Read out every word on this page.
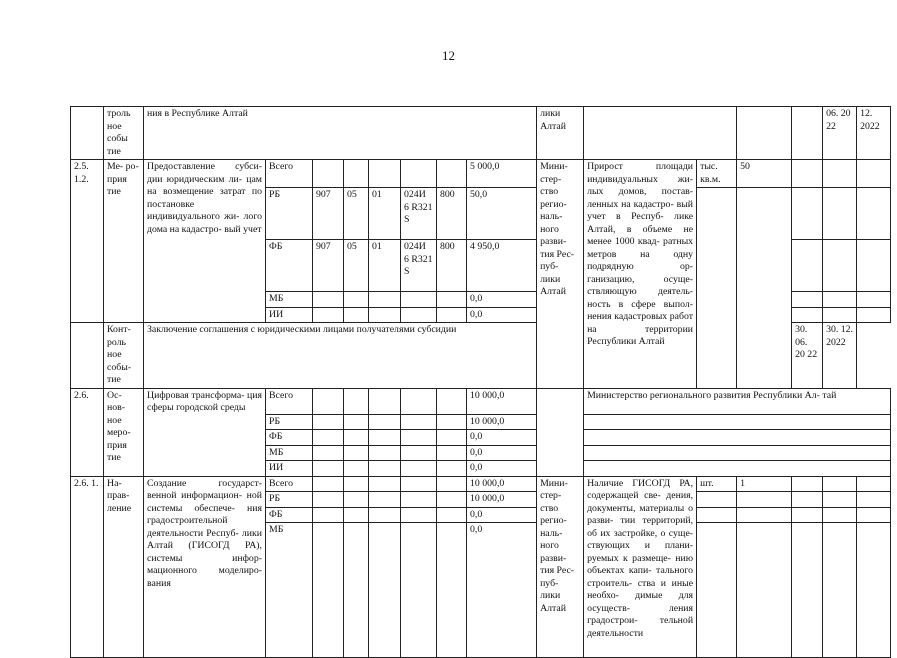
12
	троль ное собы тие	ния в Республике Алтай								лики Алтай					06. 20 22	12. 2022
2.5. 1.2.	Ме- ро- прия тие	Предоставление субси- дии юридическим ли- цам на возмещение затрат по постановке индивидуального жи- лого дома на кадастро- вый учет	Всего						5 000,0	Мини- стер- ство регио- наль- ного разви- тия Рес- пуб- лики Алтай	Прирост площади индивидуальных жи- лых домов, постав- ленных на кадастро- вый учет в Респуб- лике Алтай, в объеме не менее 1000 квад- ратных метров на одну подрядную ор- ганизацию, осуще- ствляющую деятель- ность в сфере выпол- нения кадастровых работ на территории Республики Алтай	тыс. кв.м.	50			
			РБ	907	05	01	024И 6 R321 S	800	50,0							
			ФБ	907	05	01	024И 6 R321 S	800	4 950,0							
			МБ						0,0							
			ИИ						0,0							
	Конт- роль ное собы- тие	Заключение соглашения с юридическими лицами получателями субсидии												30. 06. 20 22	30. 12. 2022	
2.6.	Ос- нов- ное меро- прия тие	Цифровая трансформа- ция сферы городской среды	Всего						10 000,0		Министерство регионального развития Республики Ал- тай					
			РБ						10 000,0							
			ФБ						0,0							
			МБ						0,0							
			ИИ						0,0							
2.6. 1.	На- прав- ление	Создание государст- венной информацион- ной системы обеспече- ния градостроительной деятельности Респуб- лики Алтай (ГИСОГД РА), системы инфор- мационного моделиро- вания	Всего						10 000,0	Мини- стер- ство регио- наль- ного разви- тия Рес- пуб- лики Алтай	Наличие ГИСОГД РА, содержащей све- дения, документы, материалы о разви- тии территорий, об их застройке, о суще- ствующих и плани- руемых к размеще- нию объектах капи- тального строитель- ства и иные необхо- димые для осуществ- ления градострои- тельной деятельности	шт.	1			
			РБ						10 000,0							
			ФБ						0,0							
			МБ						0,0							
